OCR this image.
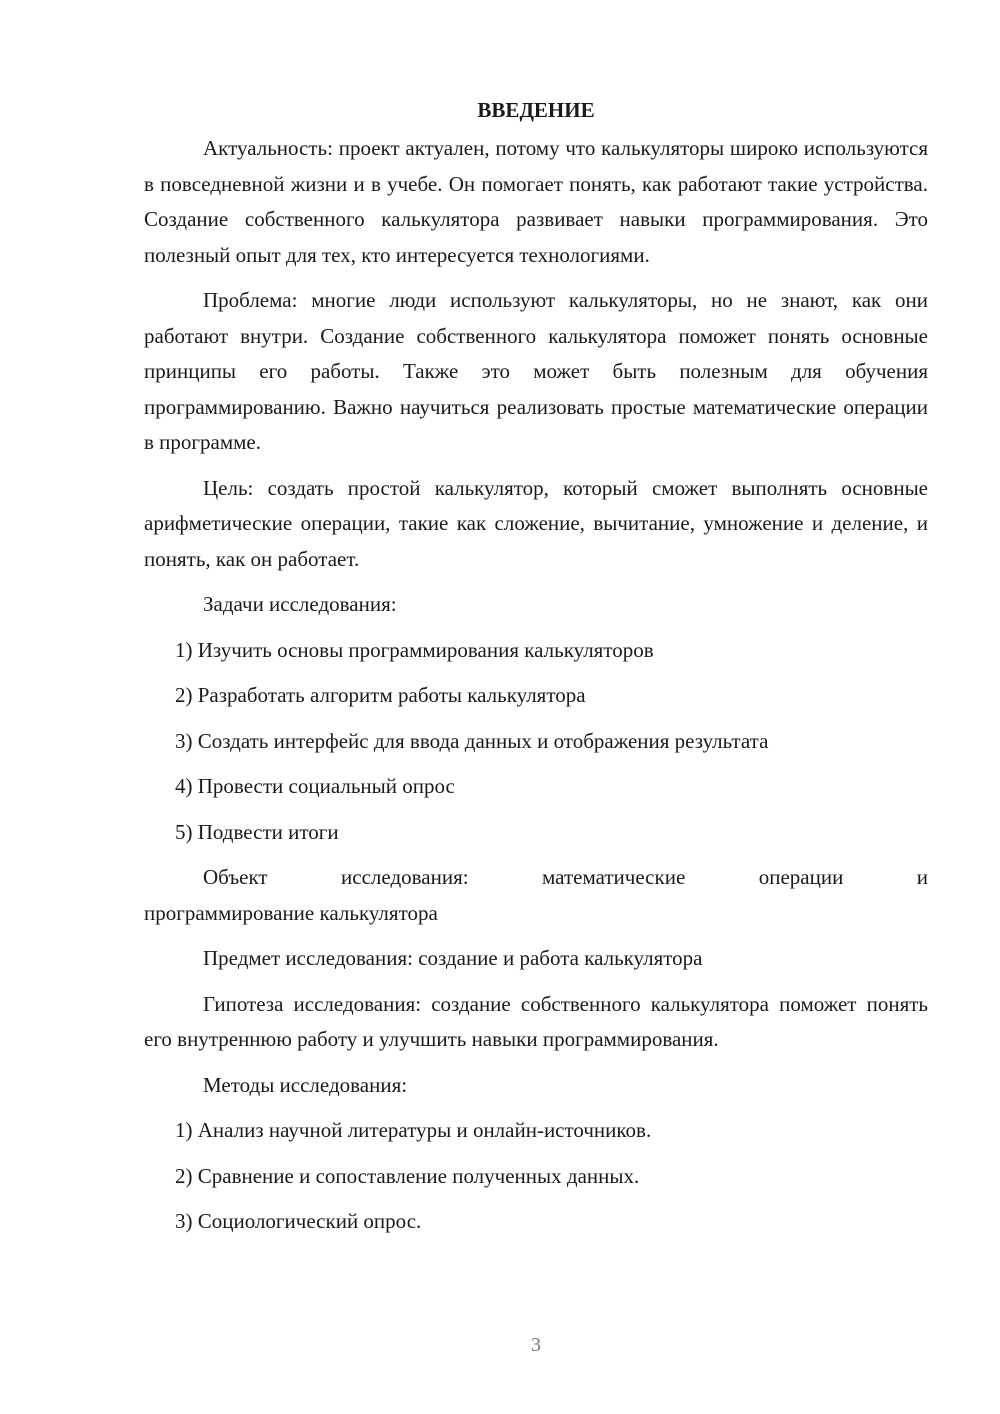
ВВЕДЕНИЕ

Актуальность: проект актуален, потому что калькуляторы широко используются в повседневной жизни и в учебе. Он помогает понять, как работают такие устройства. Создание собственного калькулятора развивает навыки программирования. Это полезный опыт для тех, кто интересуется технологиями.

Проблема: многие люди используют калькуляторы, но не знают, как они работают внутри. Создание собственного калькулятора поможет понять основные принципы его работы. Также это может быть полезным для обучения программированию. Важно научиться реализовать простые математические операции в программе.

Цель: создать простой калькулятор, который сможет выполнять основные арифметические операции, такие как сложение, вычитание, умножение и деление, и понять, как он работает.

Задачи исследования:
1) Изучить основы программирования калькуляторов
2) Разработать алгоритм работы калькулятора
3) Создать интерфейс для ввода данных и отображения результата
4) Провести социальный опрос
5) Подвести итоги
Объект исследования: математические операции и
программирование калькулятора
Предмет исследования: создание и работа калькулятора

Гипотеза исследования: создание собственного калькулятора поможет понять его внутреннюю работу и улучшить навыки программирования.

Методы исследования:
1) Анализ научной литературы и онлайн-источников.
2) Сравнение и сопоставление полученных данных.
3) Социологический опрос.
3
